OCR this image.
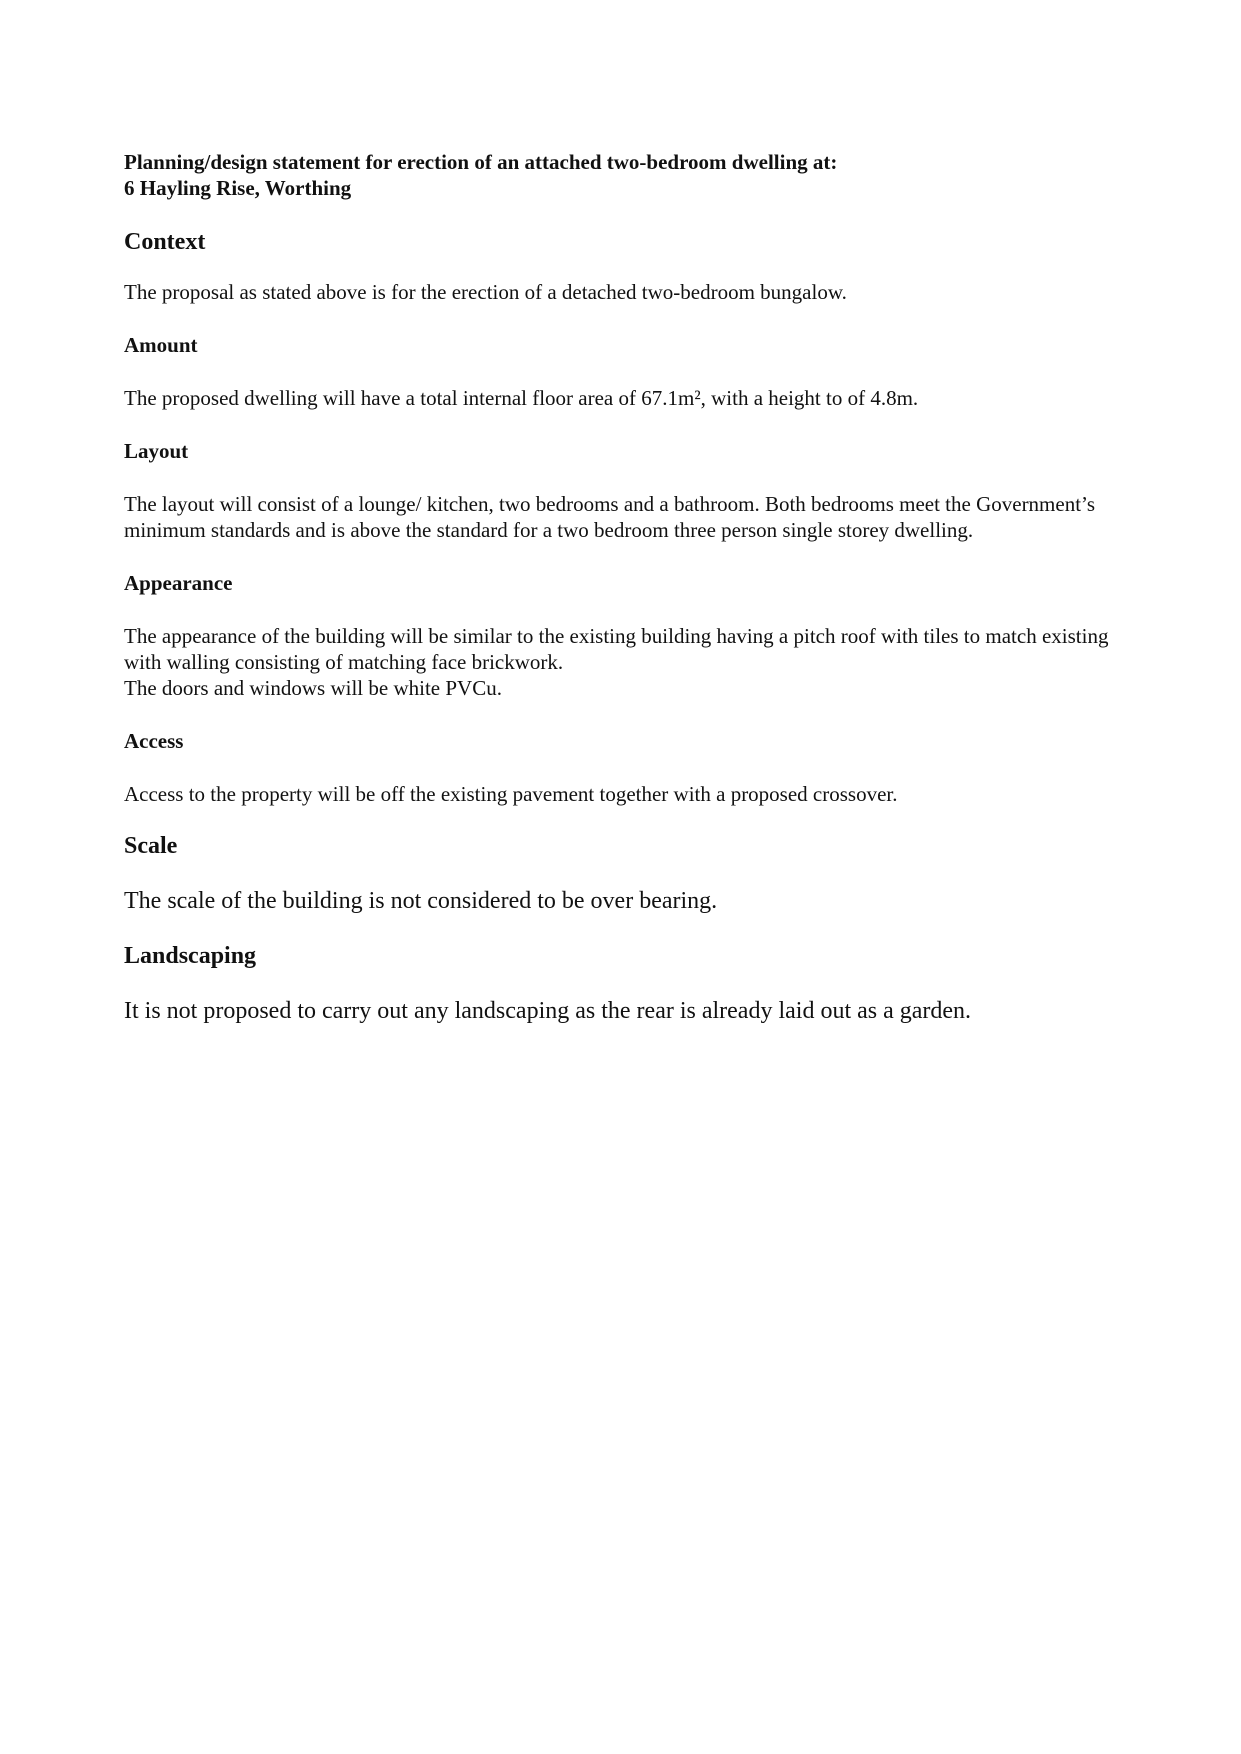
Planning/design statement for erection of an attached two-bedroom dwelling at:
6 Hayling Rise, Worthing

Context

The proposal as stated above is for the erection of a detached two-bedroom bungalow.

Amount

The proposed dwelling will have a total internal floor area of 67.1m², with a height to of 4.8m.

Layout

The layout will consist of a lounge/ kitchen, two bedrooms and a bathroom. Both bedrooms meet the Government’s minimum standards and is above the standard for a two bedroom three person single storey dwelling.

Appearance

The appearance of the building will be similar to the existing building having a pitch roof with tiles to match existing with walling consisting of matching face brickwork.
The doors and windows will be white PVCu.

Access

Access to the property will be off the existing pavement together with a proposed crossover.

Scale

The scale of the building is not considered to be over bearing.

Landscaping

It is not proposed to carry out any landscaping as the rear is already laid out as a garden.
